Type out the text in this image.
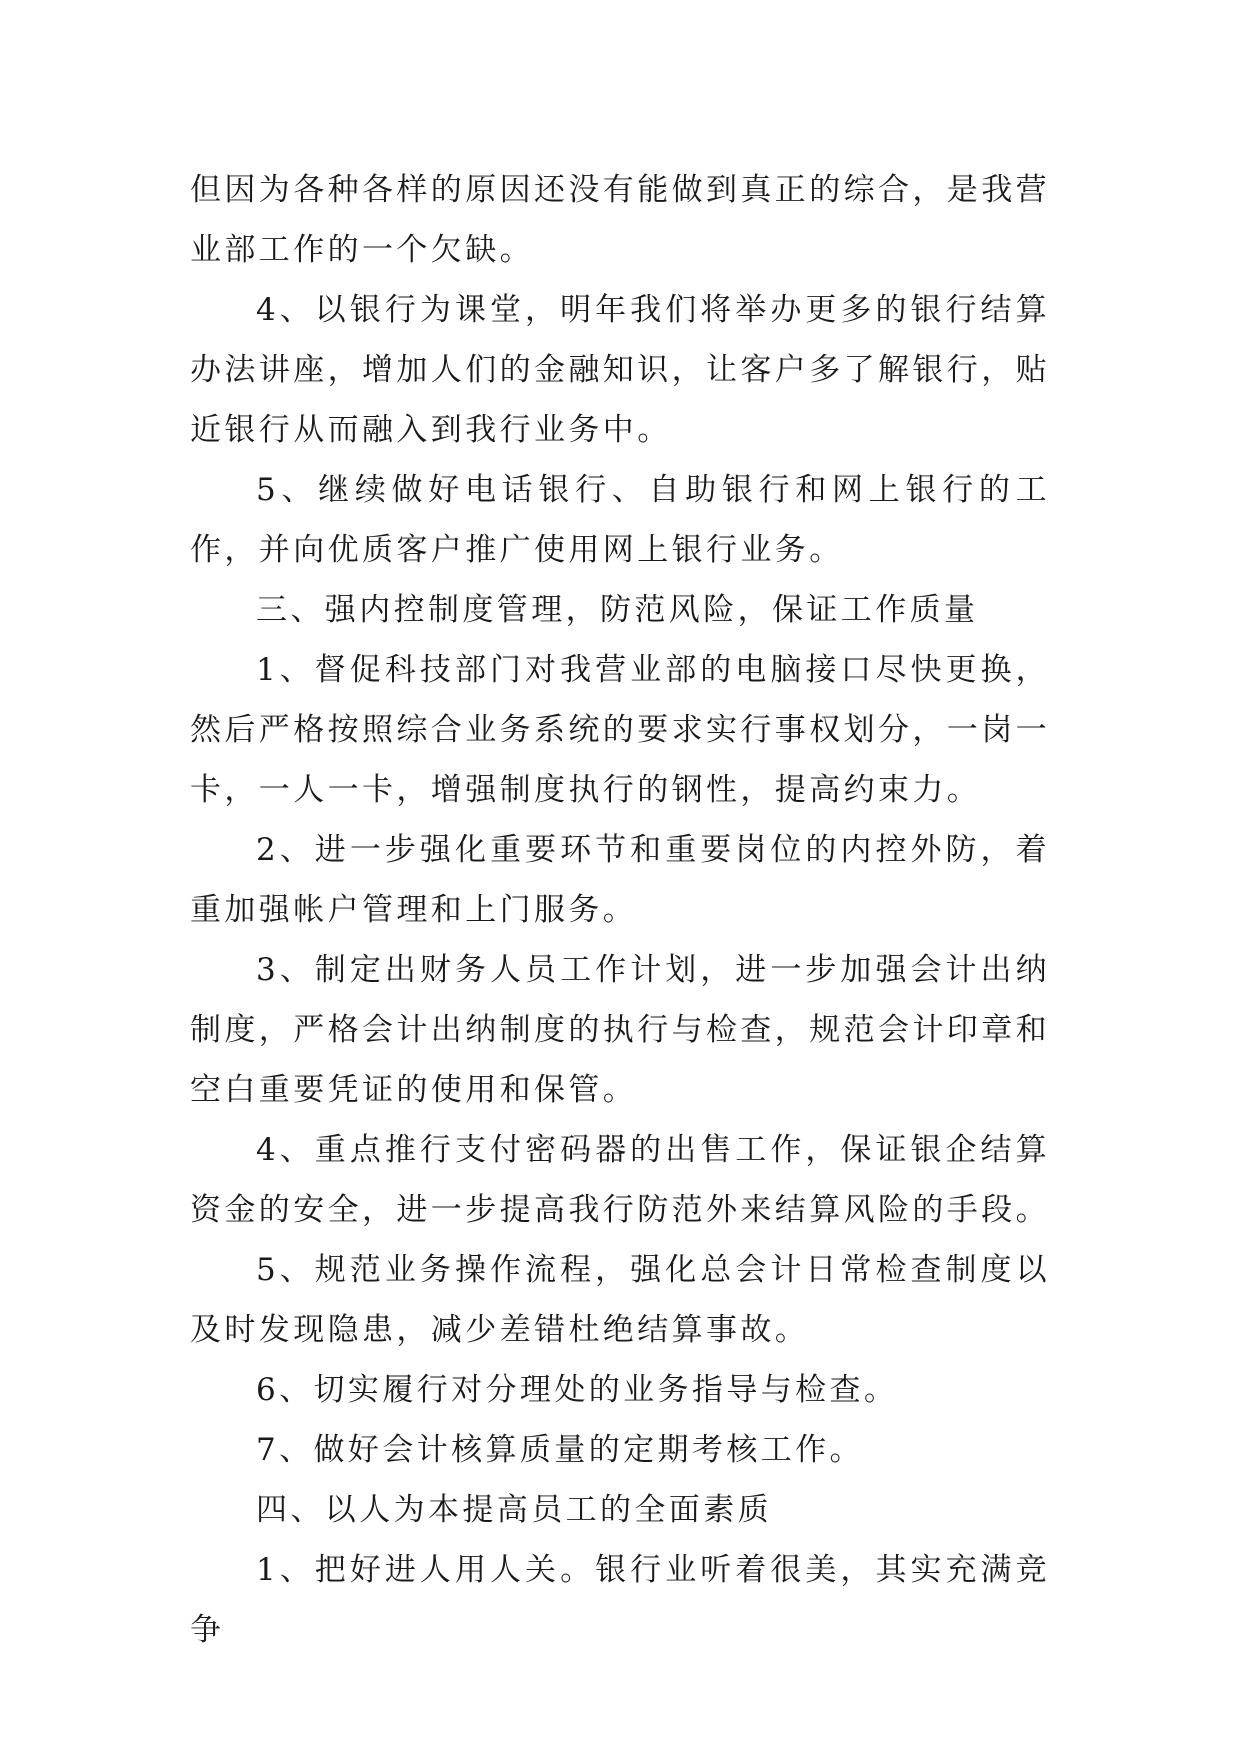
但因为各种各样的原因还没有能做到真正的综合，是我营业部工作的一个欠缺。

4、以银行为课堂，明年我们将举办更多的银行结算办法讲座，增加人们的金融知识，让客户多了解银行，贴近银行从而融入到我行业务中。

5、继续做好电话银行、自助银行和网上银行的工作，并向优质客户推广使用网上银行业务。

三、强内控制度管理，防范风险，保证工作质量

1、督促科技部门对我营业部的电脑接口尽快更换，然后严格按照综合业务系统的要求实行事权划分，一岗一卡，一人一卡，增强制度执行的钢性，提高约束力。

2、进一步强化重要环节和重要岗位的内控外防，着重加强帐户管理和上门服务。

3、制定出财务人员工作计划，进一步加强会计出纳制度，严格会计出纳制度的执行与检查，规范会计印章和空白重要凭证的使用和保管。

4、重点推行支付密码器的出售工作，保证银企结算资金的安全，进一步提高我行防范外来结算风险的手段。

5、规范业务操作流程，强化总会计日常检查制度以及时发现隐患，减少差错杜绝结算事故。

6、切实履行对分理处的业务指导与检查。

7、做好会计核算质量的定期考核工作。

四、以人为本提高员工的全面素质

1、把好进人用人关。银行业听着很美，其实充满竞争
